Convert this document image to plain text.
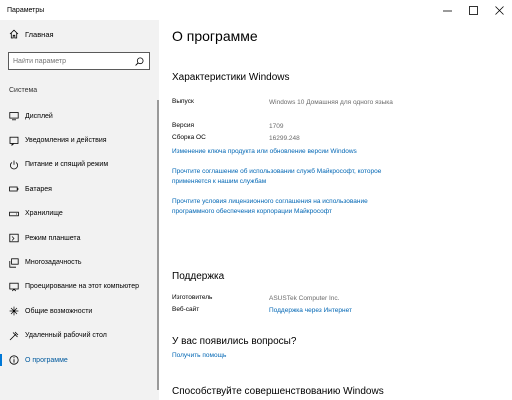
Параметры
Главная
Найти параметр
Система
Дисплей
Уведомления и действия
Питание и спящий режим
Батарея
Хранилище
Режим планшета
Многозадачность
Проецирование на этот компьютер
Общие возможности
Удаленный рабочий стол
О программе
О программе
Характеристики Windows
Выпуск	Windows 10 Домашняя для одного языка
Версия	1709
Сборка ОС	16299.248
Изменение ключа продукта или обновление версии Windows
Прочтите соглашение об использовании служб Майкрософт, которое применяется к нашим службам
Прочтите условия лицензионного соглашения на использование программного обеспечения корпорации Майкрософт
Поддержка
Изготовитель	ASUSTek Computer Inc.
Веб-сайт	Поддержка через Интернет
У вас появились вопросы?
Получить помощь
Способствуйте совершенствованию Windows
